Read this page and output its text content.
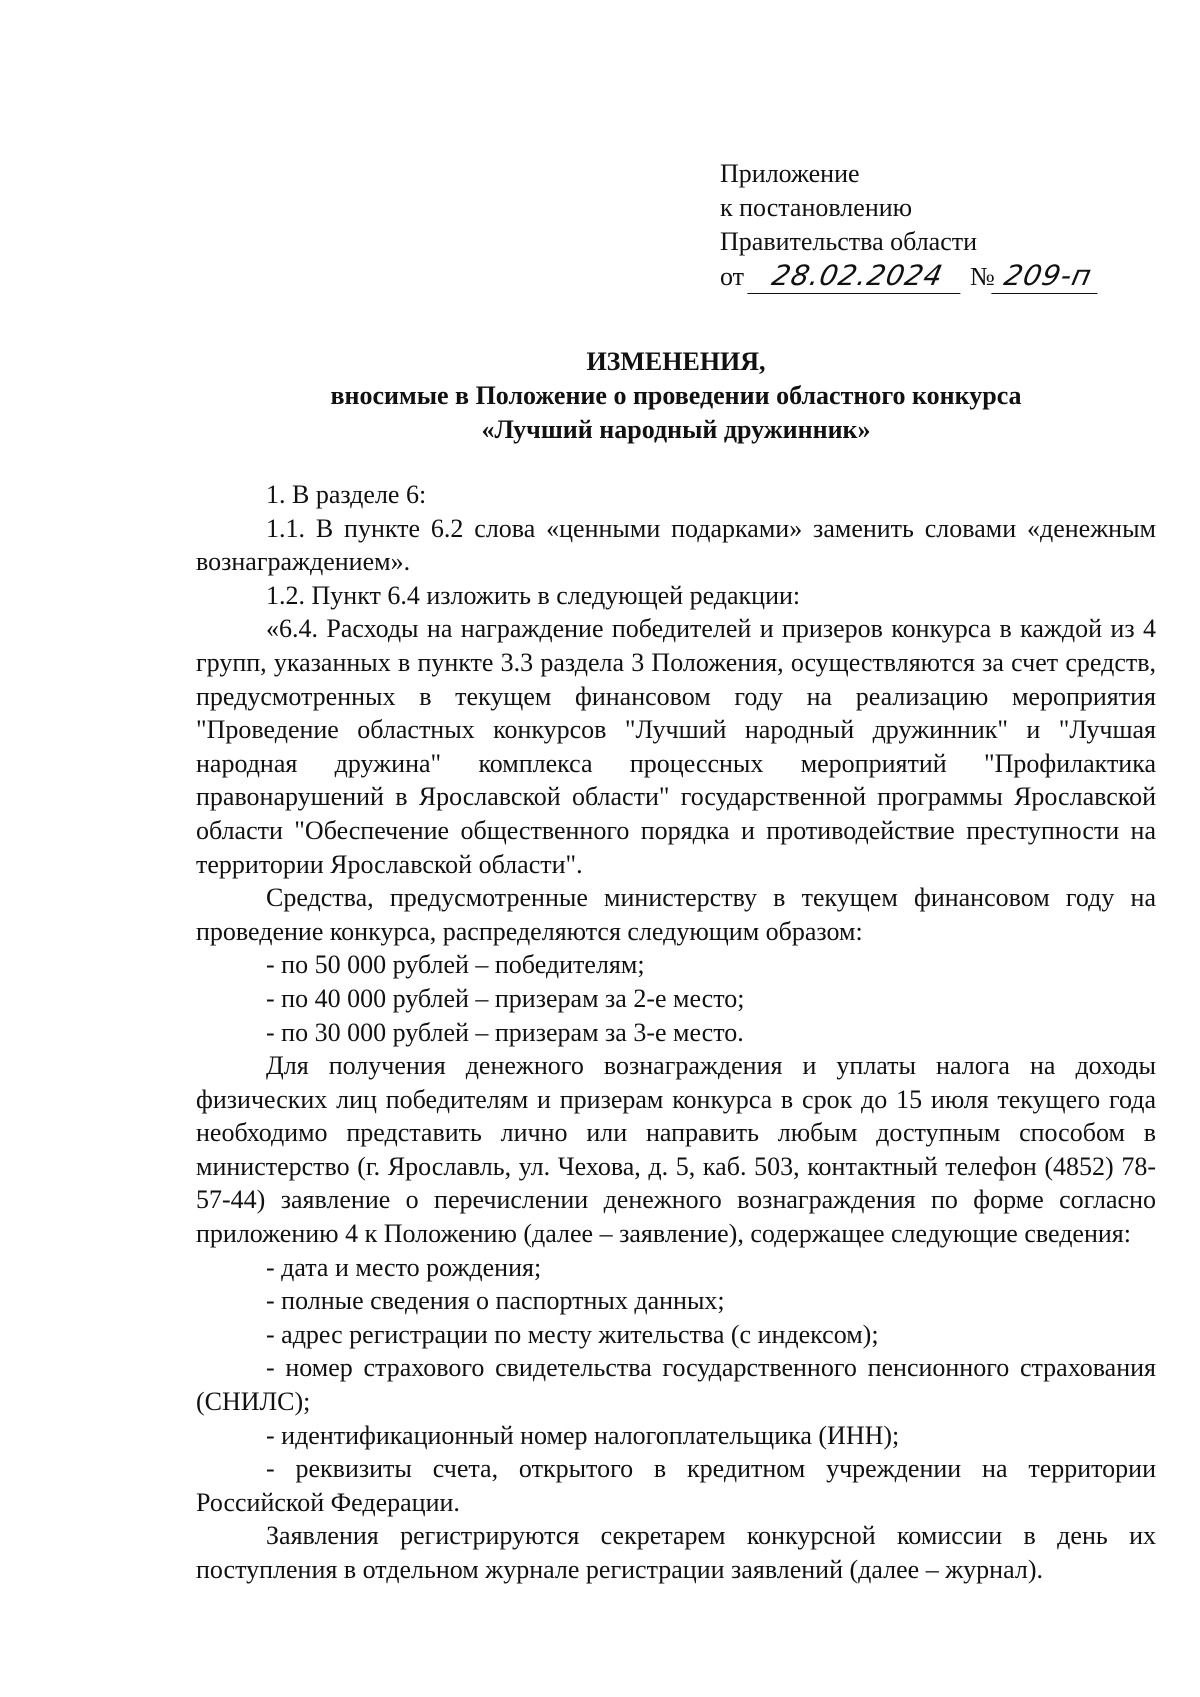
Приложение
к постановлению
Правительства области
от 28.02.2024 № 209-п
ИЗМЕНЕНИЯ,
вносимые в Положение о проведении областного конкурса
«Лучший народный дружинник»

1. В разделе 6:

1.1. В пункте 6.2 слова «ценными подарками» заменить словами «денежным вознаграждением».

1.2. Пункт 6.4 изложить в следующей редакции:

«6.4. Расходы на награждение победителей и призеров конкурса в каждой из 4 групп, указанных в пункте 3.3 раздела 3 Положения, осуществляются за счет средств, предусмотренных в текущем финансовом году на реализацию мероприятия "Проведение областных конкурсов "Лучший народный дружинник" и "Лучшая народная дружина" комплекса процессных мероприятий "Профилактика правонарушений в Ярославской области" государственной программы Ярославской области "Обеспечение общественного порядка и противодействие преступности на территории Ярославской области".

Средства, предусмотренные министерству в текущем финансовом году на проведение конкурса, распределяются следующим образом:

- по 50 000 рублей – победителям;

- по 40 000 рублей – призерам за 2-е место;

- по 30 000 рублей – призерам за 3-е место.

Для получения денежного вознаграждения и уплаты налога на доходы физических лиц победителям и призерам конкурса в срок до 15 июля текущего года необходимо представить лично или направить любым доступным способом в министерство (г. Ярославль, ул. Чехова, д. 5, каб. 503, контактный телефон (4852) 78-57-44) заявление о перечислении денежного вознаграждения по форме согласно приложению 4 к Положению (далее – заявление), содержащее следующие сведения:

- дата и место рождения;

- полные сведения о паспортных данных;

- адрес регистрации по месту жительства (с индексом);

- номер страхового свидетельства государственного пенсионного страхования (СНИЛС);

- идентификационный номер налогоплательщика (ИНН);

- реквизиты счета, открытого в кредитном учреждении на территории Российской Федерации.

Заявления регистрируются секретарем конкурсной комиссии в день их поступления в отдельном журнале регистрации заявлений (далее – журнал).
